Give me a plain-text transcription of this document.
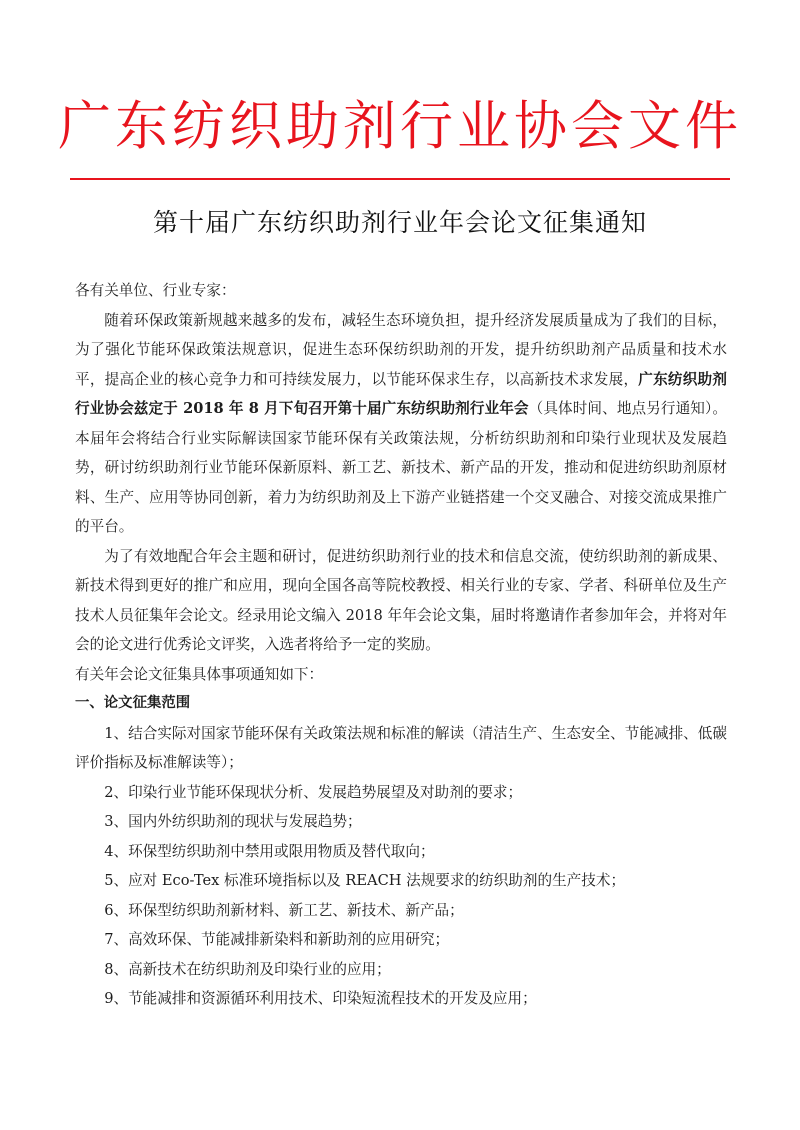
广东纺织助剂行业协会文件
第十届广东纺织助剂行业年会论文征集通知

各有关单位、行业专家：

随着环保政策新规越来越多的发布，减轻生态环境负担，提升经济发展质量成为了我们的目标，为了强化节能环保政策法规意识，促进生态环保纺织助剂的开发，提升纺织助剂产品质量和技术水平，提高企业的核心竞争力和可持续发展力，以节能环保求生存，以高新技术求发展，广东纺织助剂行业协会兹定于 2018 年 8 月下旬召开第十届广东纺织助剂行业年会（具体时间、地点另行通知）。本届年会将结合行业实际解读国家节能环保有关政策法规，分析纺织助剂和印染行业现状及发展趋势，研讨纺织助剂行业节能环保新原料、新工艺、新技术、新产品的开发，推动和促进纺织助剂原材料、生产、应用等协同创新，着力为纺织助剂及上下游产业链搭建一个交叉融合、对接交流成果推广的平台。

为了有效地配合年会主题和研讨，促进纺织助剂行业的技术和信息交流，使纺织助剂的新成果、新技术得到更好的推广和应用，现向全国各高等院校教授、相关行业的专家、学者、科研单位及生产技术人员征集年会论文。经录用论文编入 2018 年年会论文集，届时将邀请作者参加年会，并将对年会的论文进行优秀论文评奖，入选者将给予一定的奖励。

有关年会论文征集具体事项通知如下：

一、论文征集范围

1、结合实际对国家节能环保有关政策法规和标准的解读（清洁生产、生态安全、节能减排、低碳评价指标及标准解读等）；

2、印染行业节能环保现状分析、发展趋势展望及对助剂的要求；

3、国内外纺织助剂的现状与发展趋势；

4、环保型纺织助剂中禁用或限用物质及替代取向；

5、应对 Eco-Tex 标准环境指标以及 REACH 法规要求的纺织助剂的生产技术；

6、环保型纺织助剂新材料、新工艺、新技术、新产品；

7、高效环保、节能减排新染料和新助剂的应用研究；

8、高新技术在纺织助剂及印染行业的应用；

9、节能减排和资源循环利用技术、印染短流程技术的开发及应用；
